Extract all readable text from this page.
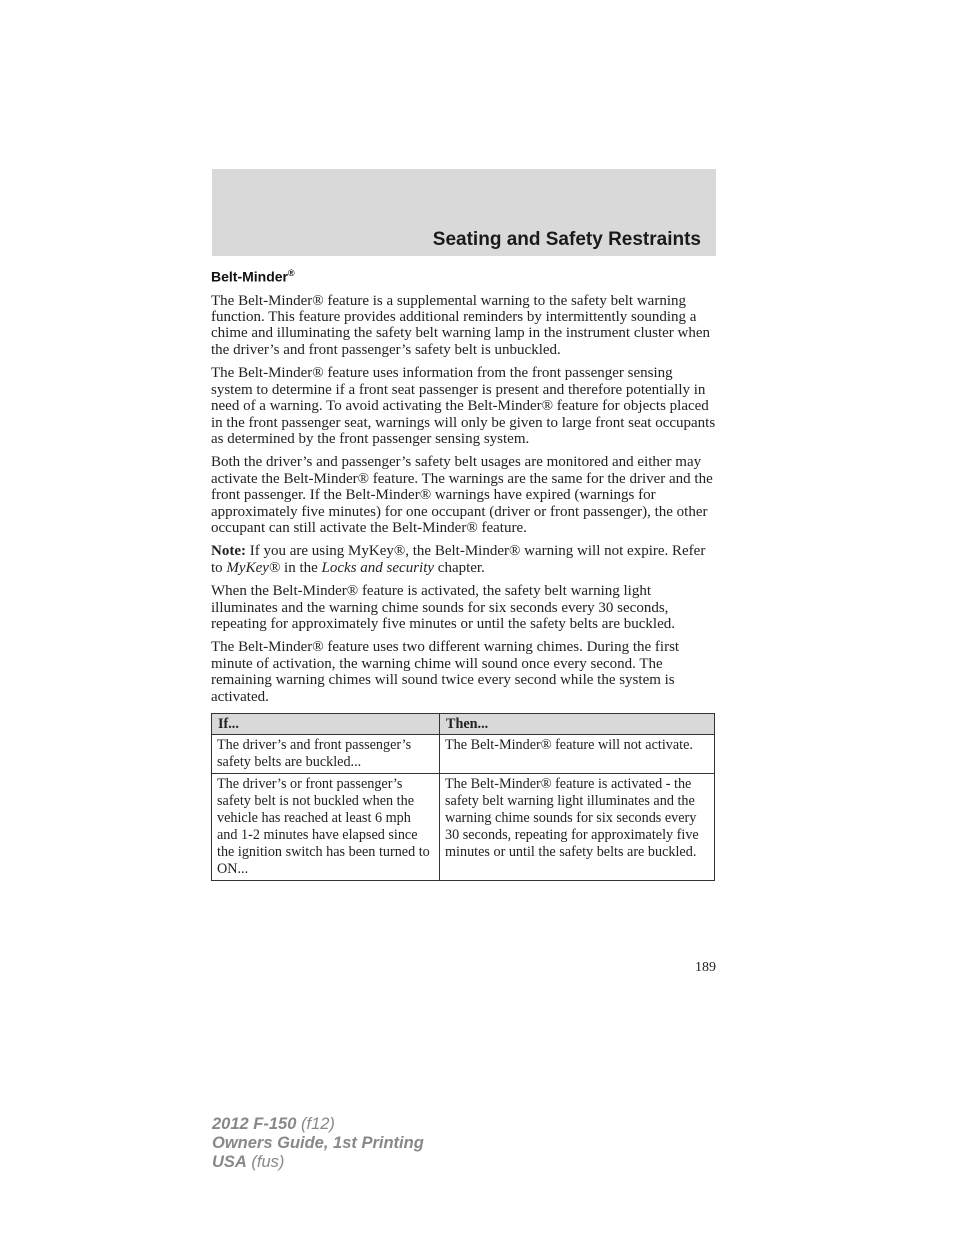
Seating and Safety Restraints
Belt-Minder®

The Belt-Minder® feature is a supplemental warning to the safety belt warning function. This feature provides additional reminders by intermittently sounding a chime and illuminating the safety belt warning lamp in the instrument cluster when the driver’s and front passenger’s safety belt is unbuckled.

The Belt-Minder® feature uses information from the front passenger sensing system to determine if a front seat passenger is present and therefore potentially in need of a warning. To avoid activating the Belt-Minder® feature for objects placed in the front passenger seat, warnings will only be given to large front seat occupants as determined by the front passenger sensing system.

Both the driver’s and passenger’s safety belt usages are monitored and either may activate the Belt-Minder® feature. The warnings are the same for the driver and the front passenger. If the Belt-Minder® warnings have expired (warnings for approximately five minutes) for one occupant (driver or front passenger), the other occupant can still activate the Belt-Minder® feature.

Note: If you are using MyKey®, the Belt-Minder® warning will not expire. Refer to MyKey® in the Locks and security chapter.

When the Belt-Minder® feature is activated, the safety belt warning light illuminates and the warning chime sounds for six seconds every 30 seconds, repeating for approximately five minutes or until the safety belts are buckled.

The Belt-Minder® feature uses two different warning chimes. During the first minute of activation, the warning chime will sound once every second. The remaining warning chimes will sound twice every second while the system is activated.

If...	Then...
The driver’s and front passenger’s safety belts are buckled...	The Belt-Minder® feature will not activate.
The driver’s or front passenger’s safety belt is not buckled when the vehicle has reached at least 6 mph and 1-2 minutes have elapsed since the ignition switch has been turned to ON...	The Belt-Minder® feature is activated - the safety belt warning light illuminates and the warning chime sounds for six seconds every 30 seconds, repeating for approximately five minutes or until the safety belts are buckled.
189
2012 F-150 (f12)
Owners Guide, 1st Printing
USA (fus)
